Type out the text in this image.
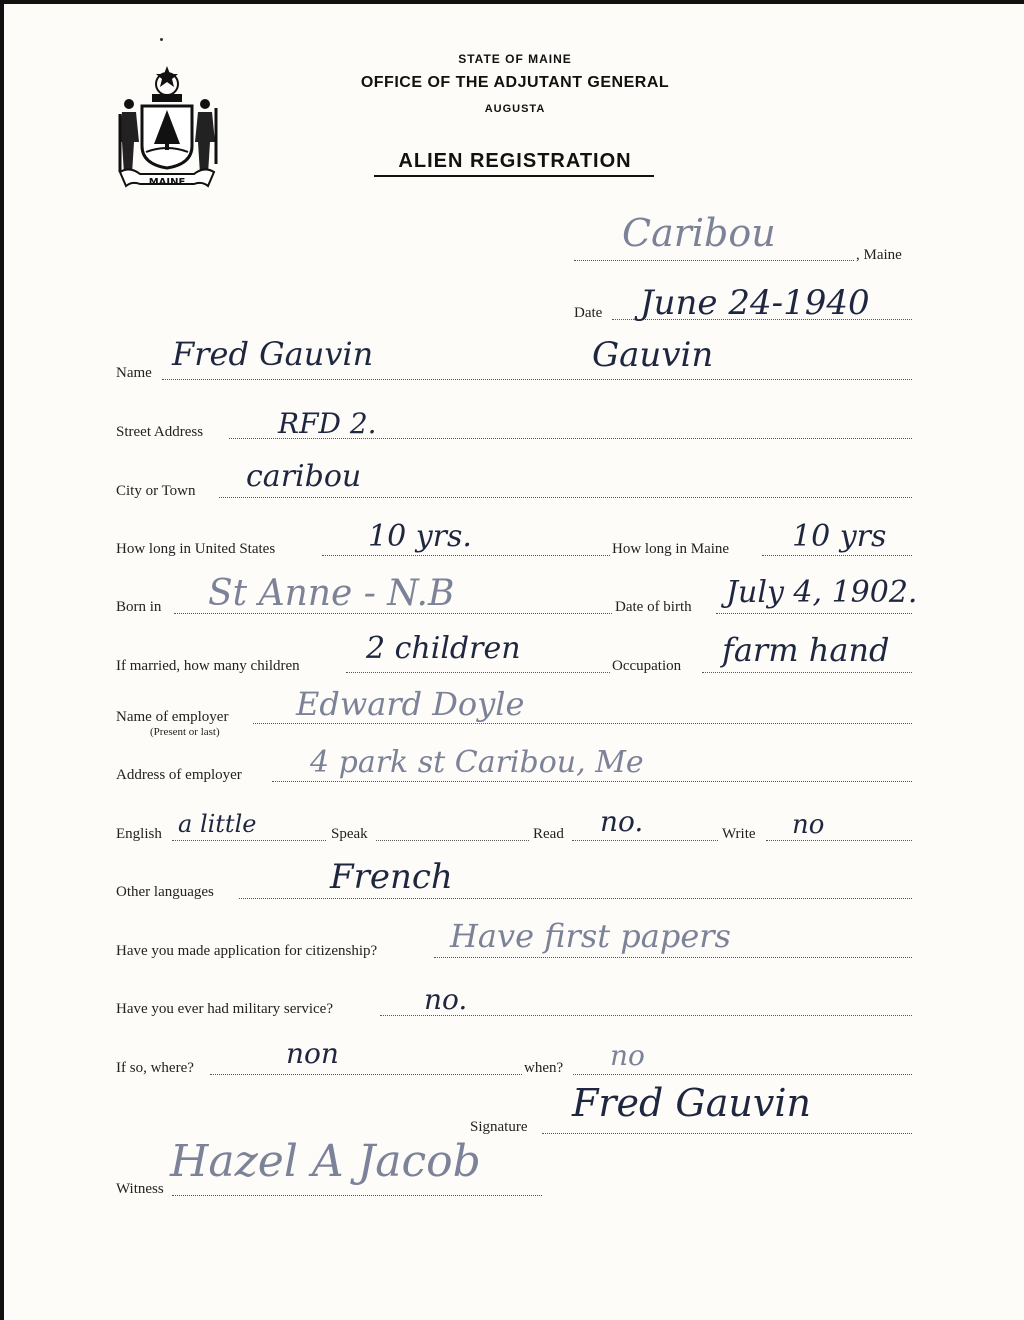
MAINE
STATE OF MAINE
OFFICE OF THE ADJUTANT GENERAL
AUGUSTA
ALIEN REGISTRATION
, Maine
Caribou
Date June 24-1940
Name Fred Gauvin	Gauvin
Street Address	RFD 2.
City or Town caribou
How long in United States	10 yrs.	How long in Maine 10 yrs
Born in St Anne - N.B	Date of birth July 4, 1902.
If married, how many children 2 children	Occupation farm hand
Name of employer
(Present or last)
Edward Doyle
Address of employer 4 park st Caribou, Me
English a little	Speak	Read no.	Write no
Other languages	French
Have you made application for citizenship? Have first papers
Have you ever had military service?	no.
If so, where?	non	when? no
Signature
Fred Gauvin
Witness
Hazel A Jacob
